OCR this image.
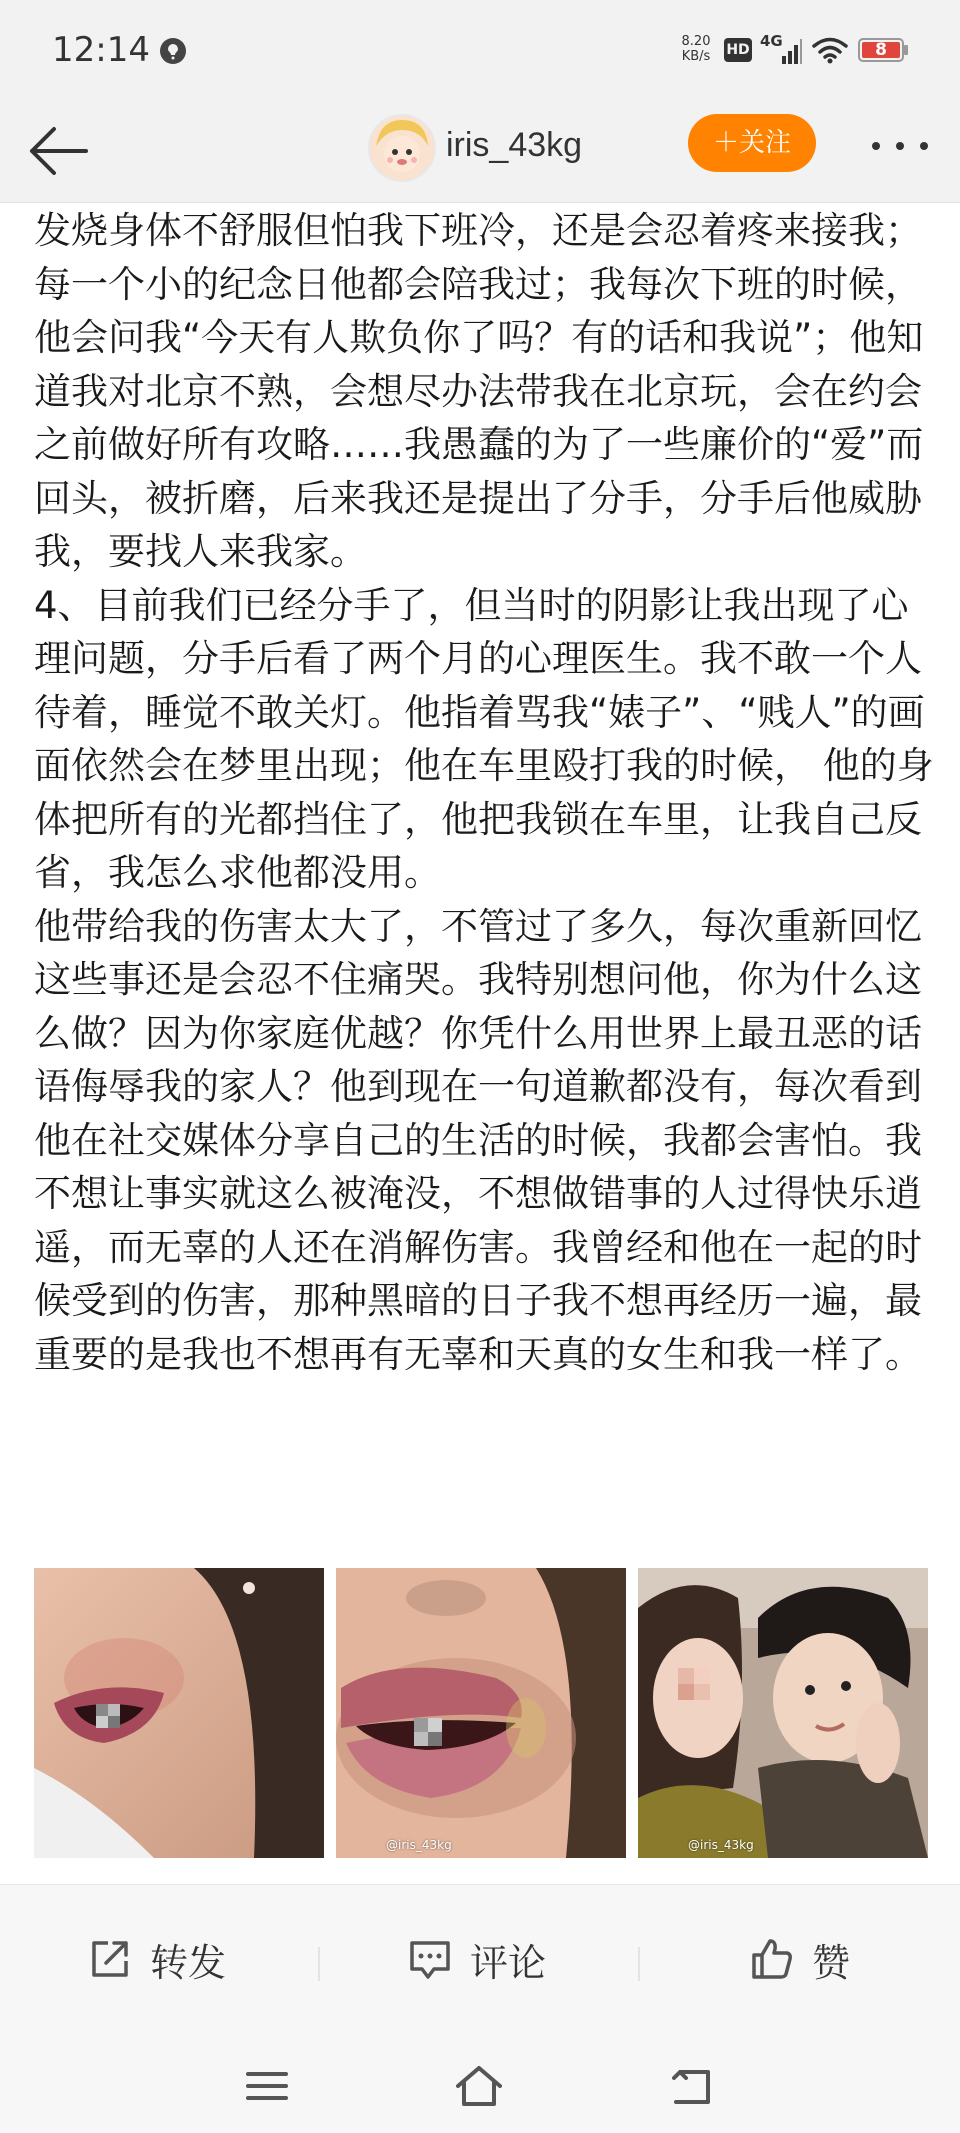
12:14	8.20
KB/s	HD 4G	8
iris_43kg	＋关注

发烧身体不舒服但怕我下班冷，还是会忍着疼来接我；每一个小的纪念日他都会陪我过；我每次下班的时候，他会问我“今天有人欺负你了吗？有的话和我说”；他知道我对北京不熟，会想尽办法带我在北京玩，会在约会之前做好所有攻略……我愚蠢的为了一些廉价的“爱”而回头，被折磨，后来我还是提出了分手，分手后他威胁我，要找人来我家。

4、目前我们已经分手了，但当时的阴影让我出现了心理问题，分手后看了两个月的心理医生。我不敢一个人待着，睡觉不敢关灯。他指着骂我“婊子”、“贱人”的画面依然会在梦里出现；他在车里殴打我的时候， 他的身体把所有的光都挡住了，他把我锁在车里，让我自己反省，我怎么求他都没用。

他带给我的伤害太大了，不管过了多久，每次重新回忆这些事还是会忍不住痛哭。我特别想问他，你为什么这么做？因为你家庭优越？你凭什么用世界上最丑恶的话语侮辱我的家人？他到现在一句道歉都没有，每次看到他在社交媒体分享自己的生活的时候，我都会害怕。我不想让事实就这么被淹没，不想做错事的人过得快乐逍遥，而无辜的人还在消解伤害。我曾经和他在一起的时候受到的伤害，那种黑暗的日子我不想再经历一遍，最重要的是我也不想再有无辜和天真的女生和我一样了。

@iris_43kg	@iris_43kg
转发	评论	赞
